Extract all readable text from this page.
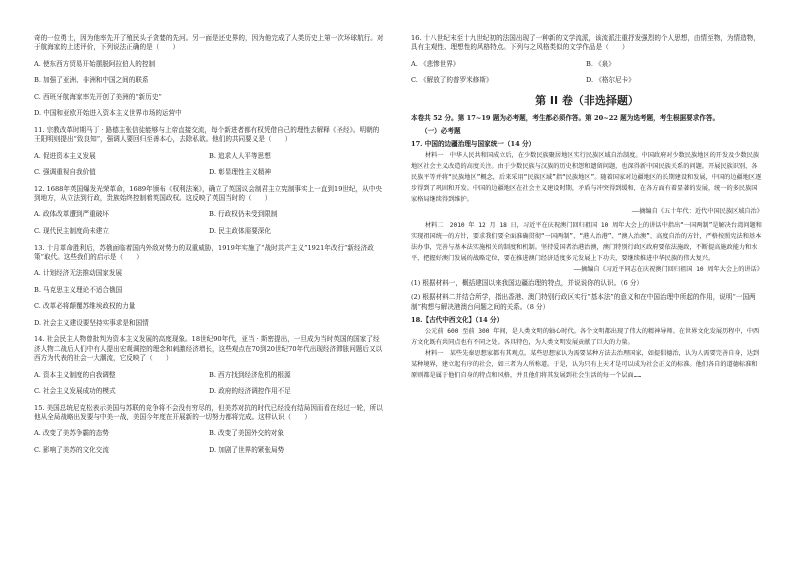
奇的一位勇士，因为他率先开了殖民头子贪婪的先河。另一面是还史界的，因为他完成了人类历史上第一次环球航行。对于航海家的上述评价，下列说法正确的是（　　）

A. 使东西方贸易开始摆脱阿拉伯人的控制
B. 加强了亚洲、非洲和中国之间的联系
C. 西班牙航海家率先开创了美洲的“新历史”
D. 中国和亚欧开始进入资本主义世界市场的运营中

11. 宗教改革时期马丁 · 路德主张信徒能够与上帝直接交流，每个新进者都有权凭借自己的理性去解释《圣经》。明朝的王阳明则提出“致良知”，强调人要回归至善本心，去除私欲。他们的共同要义是（　　）

A. 促进资本主义发展	B. 追求人人平等思想
C. 强调重视自我价值	D. 彰显理性主义精神

12. 1688年英国爆发光荣革命，1689年颁布《权利法案》，确立了英国议会制君主立宪制事实上一直到19世纪，从中央到地方，从立法到行政，贵族始终控制着英国政权。这反映了英国当时的（　　）

A. 政体改革遭到严重破坏	B. 行政权仍未受到限制
C. 现代民主制度尚未建立	D. 民主政体需要深化

13. 十月革命胜利后，苏俄面临着国内外敌对势力的双重威胁，1919年实施了“战时共产主义”1921年改行“新经济政策”取代。这些我们的启示是（　　）

A. 计划经济无法推动国家发展
B. 马克思主义理论不适合俄国
C. 改革必将颠覆苏维埃政权的力量
D. 社会主义建设要坚持实事求是和国情

14. 社会民主人物曾批判为资本主义发展的高度现象。18世纪90年代，亚当 · 斯密提出，一旦成为当时英国的国家了经济人物二战后人们中有人提出宏观调控的理念和刺激经济增长，这些观点在70到20世纪70年代出现经济滞胀问题后又以西方为代表的社会一大潮流，它反映了（　　）

A. 资本主义制度的自我调整	B. 西方找到经济危机的根源
C. 社会主义发展成功的模式	D. 政府的经济调控作用不足

15. 美国总统尼克松表示美国与苏联的竞争将不会没有穷尽的，但美苏对抗的时代已经没有结局因而看在经过一轮，所以他从全局战略出发要与中美一战，美国今年度在开展新的一切努力都将完成。这样认识（　　）

A. 改变了美苏争霸的态势	B. 改变了美国外交的对象
C. 影响了美苏的文化交流	D. 加剧了世界的紧张局势

16. 十八世纪末至十九世纪初的法国出现了一种新的文学流派，该流派注重抒发强烈的个人思想，由情至物，为情造物，具有主观性、理想性的风格特点。下列与之风格类似的文学作品是（　　）

A. 《悲惨世界》	B. 《泉》
C. 《解放了的普罗米修斯》	D. 《格尔尼卡》
第 II 卷（非选择题）

本卷共 52 分。第 17~19 题为必考题，考生都必须作答。第 20~22 题为选考题，考生根据要求作答。

（一）必考题

17. 中国的边疆治理与国家统一（14 分）

材料一　中华人民共和国成立后，在少数民族聚居地区实行民族区域自治制度。中国政府对少数民族地区的开发及少数民族地区社会主义改造的高度关注。由于少数民族与汉族的历史积怨和遗留问题，也深得新中国民族关系的问题。开展民族识别，各民族平等并将“民族地区”概念，后来采用“民族区域”指“民族地区”。随着国家对边疆地区的长期建设和发展，中国的边疆地区逐步得到了巩固和开发。中国的边疆地区在社会主义建设时期，矛盾与冲突得到缓和，在各方面有着显著的发展，统一的多民族国家格局继续得到维护。

——摘编自《五十年代：近代中国民族区域自治》

材料二　2010 年 12 月 18 日，习近平在庆祝澳门回归祖国 10 周年大会上的讲话中指出“一国两制”是解决台湾问题和实现祖国统一的方针，要求我们要全面准确贯彻“一国两制”、“港人治港”、“澳人治澳”、高度自治的方针，严格按照宪法和基本法办事，完善与基本法实施相关的制度和机制。坚持爱国者治港治澳，澳门特别行政区政府要依法施政，不断提高施政能力和水平，把握好澳门发展的战略定位，要在推进澳门经济适度多元发展上下功夫，要继续推进中华民族的伟大复兴。

——摘编自《习近平同志在庆祝澳门回归祖国 10 周年大会上的讲话》

(1) 根据材料一，概括建国以来我国边疆治理的特点，并说说你的认识。（6 分）

(2) 根据材料二并结合所学，指出香港、澳门特别行政区实行“基本法”的意义和在中国治理中所起的作用，说明“一国两制”构想与解决港澳台问题之间的关系。（8 分）

18.【古代中西文化】（14 分）

公元前 600 至前 300 年间，是人类文明的轴心时代。各个文明都出现了伟大的精神导师。在世界文化发展历程中，中西方文化既有共同点也有不同之处。各具特色，为人类文明发展贡献了巨大的力量。

材料一　某些先秦思想家都有其观点。某些思想家认为需要某种方法去治理国家，如提倡德治，认为人需要完善自身，达到某种境界，建立起有序的社会，如三者为人所称道。于是，认为只有上天才是可以成为社会正义的标准。他们各自的道德标准和原则都是属于他们自身的特点和风格，并且他们将其发展到社会生活的每一个层面……
